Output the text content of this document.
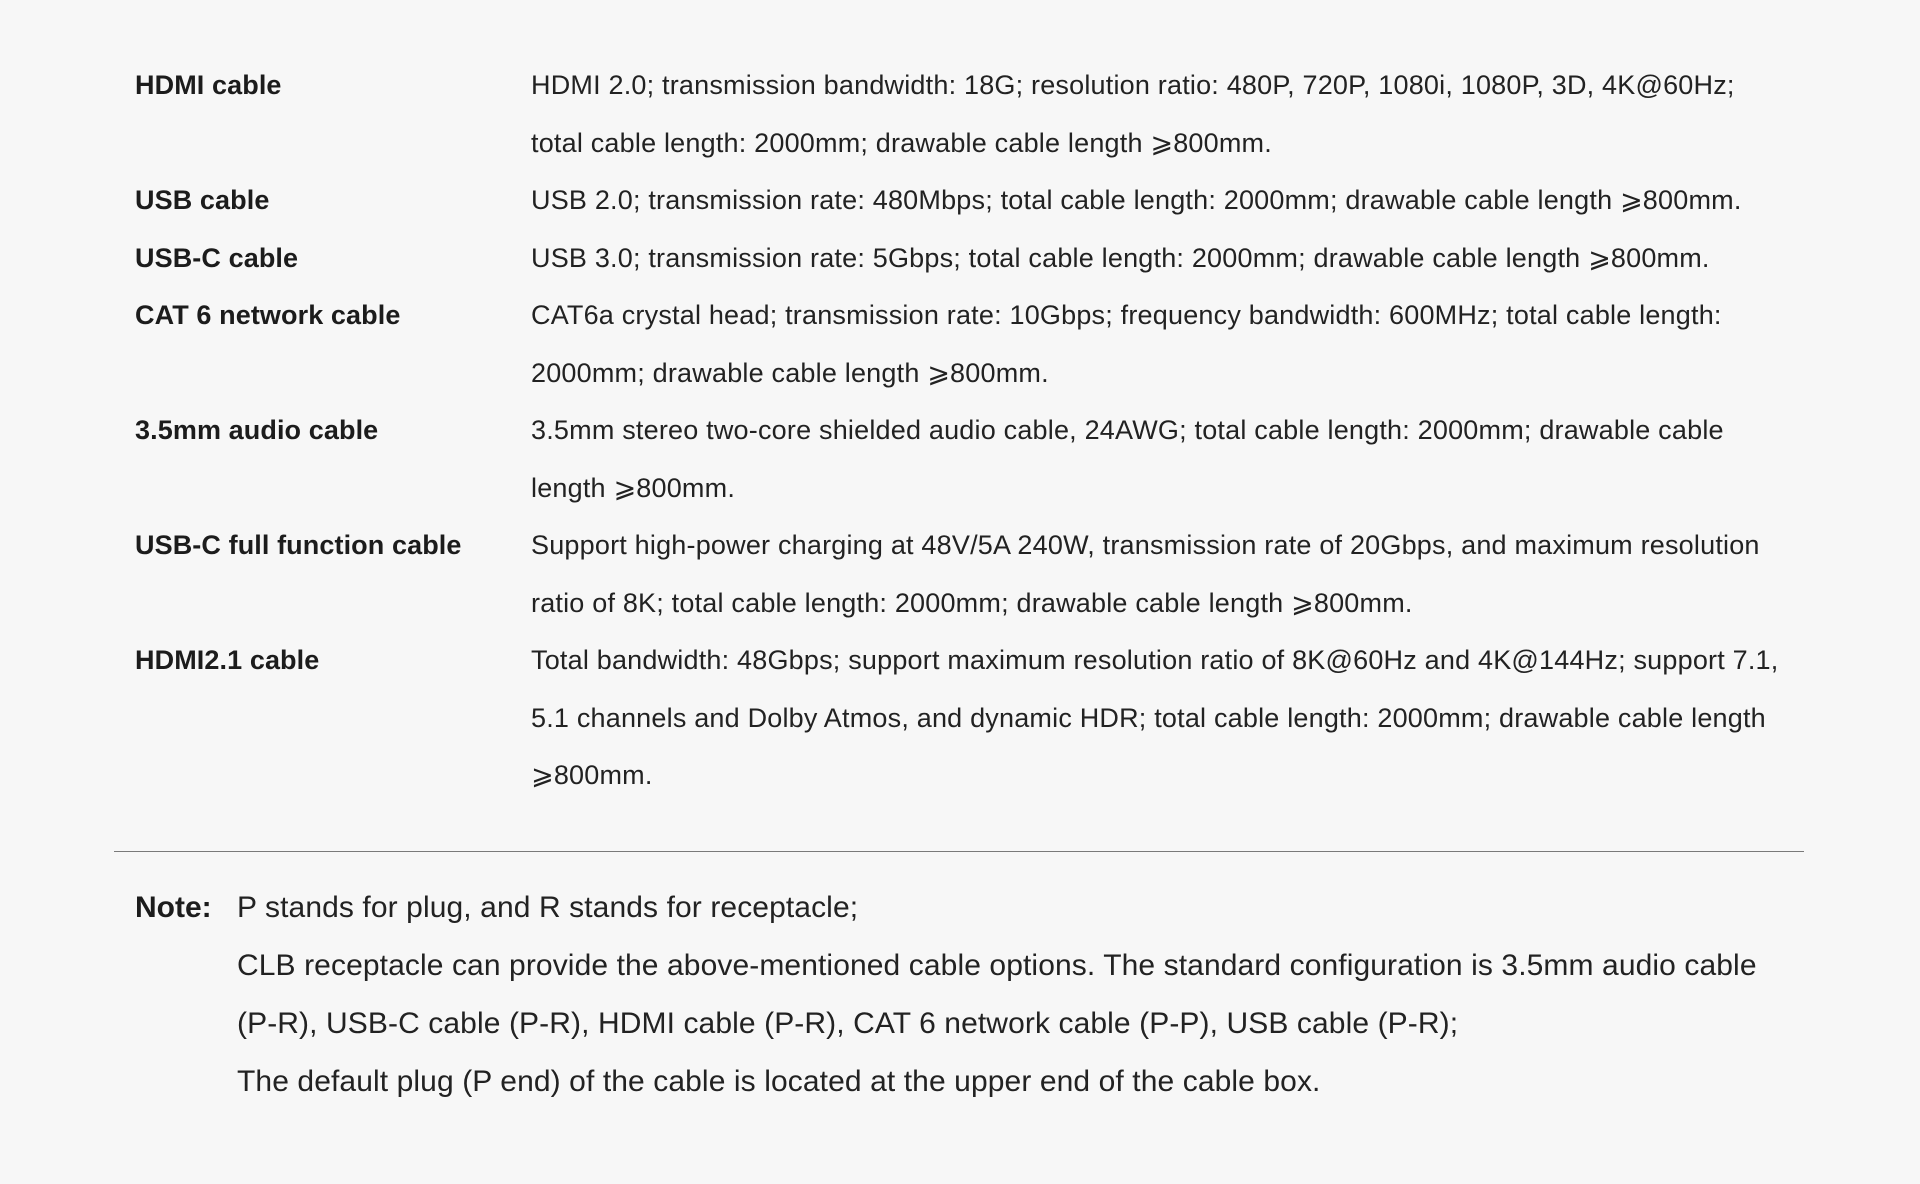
HDMI cable	HDMI 2.0; transmission bandwidth: 18G; resolution ratio: 480P, 720P, 1080i, 1080P, 3D, 4K@60Hz; total cable length: 2000mm; drawable cable length ⩾800mm.
USB cable	USB 2.0; transmission rate: 480Mbps; total cable length: 2000mm; drawable cable length ⩾800mm.
USB-C cable	USB 3.0; transmission rate: 5Gbps; total cable length: 2000mm; drawable cable length ⩾800mm.
CAT 6 network cable	CAT6a crystal head; transmission rate: 10Gbps; frequency bandwidth: 600MHz; total cable length: 2000mm; drawable cable length ⩾800mm.
3.5mm audio cable	3.5mm stereo two-core shielded audio cable, 24AWG; total cable length: 2000mm; drawable cable length ⩾800mm.
USB-C full function cable	Support high-power charging at 48V/5A 240W, transmission rate of 20Gbps, and maximum resolution ratio of 8K; total cable length: 2000mm; drawable cable length ⩾800mm.
HDMI2.1 cable	Total bandwidth: 48Gbps; support maximum resolution ratio of 8K@60Hz and 4K@144Hz; support 7.1, 5.1 channels and Dolby Atmos, and dynamic HDR; total cable length: 2000mm; drawable cable length ⩾800mm.
Note: P stands for plug, and R stands for receptacle;
CLB receptacle can provide the above-mentioned cable options. The standard configuration is 3.5mm audio cable (P-R), USB-C cable (P-R), HDMI cable (P-R), CAT 6 network cable (P-P), USB cable (P-R);
The default plug (P end) of the cable is located at the upper end of the cable box.
